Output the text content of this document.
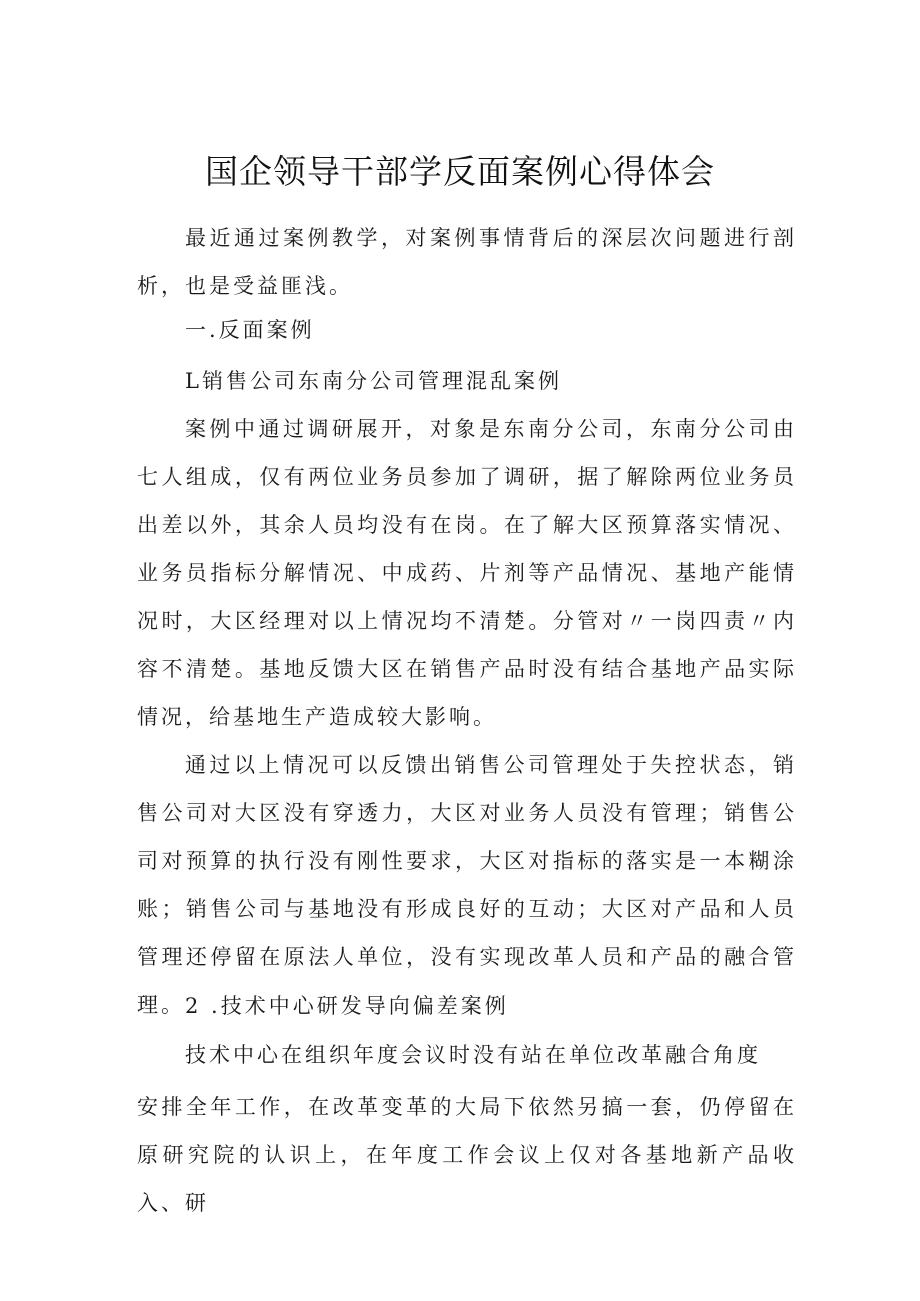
国企领导干部学反面案例心得体会

最近通过案例教学，对案例事情背后的深层次问题进行剖析，也是受益匪浅。

一.反面案例

L销售公司东南分公司管理混乱案例

案例中通过调研展开，对象是东南分公司，东南分公司由七人组成，仅有两位业务员参加了调研，据了解除两位业务员出差以外，其余人员均没有在岗。在了解大区预算落实情况、业务员指标分解情况、中成药、片剂等产品情况、基地产能情况时，大区经理对以上情况均不清楚。分管对〃一岗四责〃内容不清楚。基地反馈大区在销售产品时没有结合基地产品实际情况，给基地生产造成较大影响。

通过以上情况可以反馈出销售公司管理处于失控状态，销售公司对大区没有穿透力，大区对业务人员没有管理；销售公司对预算的执行没有刚性要求，大区对指标的落实是一本糊涂账；销售公司与基地没有形成良好的互动；大区对产品和人员管理还停留在原法人单位，没有实现改革人员和产品的融合管理。 2 .技术中心研发导向偏差案例

技术中心在组织年度会议时没有站在单位改革融合角度

安排全年工作，在改革变革的大局下依然另搞一套，仍停留在原研究院的认识上，在年度工作会议上仅对各基地新产品收入、研
